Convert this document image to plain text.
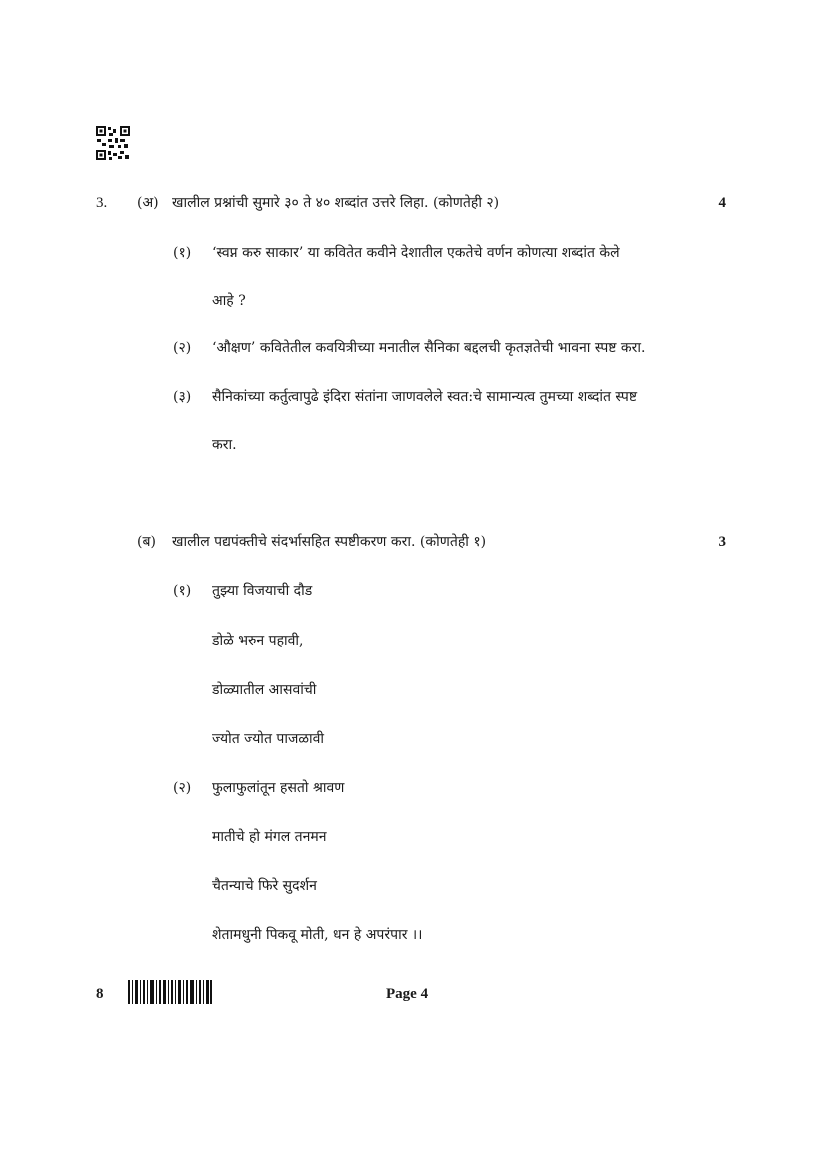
3. (अ) खालील प्रश्नांची सुमारे ३० ते ४० शब्दांत उत्तरे लिहा. (कोणतेही २)	4
(१) ‘स्वप्न करु साकार’ या कवितेत कवीने देशातील एकतेचे वर्णन कोणत्या शब्दांत केले
आहे ?
(२) ‘औक्षण’ कवितेतील कवयित्रीच्या मनातील सैनिका बद्दलची कृतज्ञतेची भावना स्पष्ट करा.
(३) सैनिकांच्या कर्तुत्वापुढे इंदिरा संतांना जाणवलेले स्वत:चे सामान्यत्व तुमच्या शब्दांत स्पष्ट
करा.
(ब) खालील पद्यपंक्तीचे संदर्भासहित स्पष्टीकरण करा. (कोणतेही १)	3
(१) तुझ्या विजयाची दौड
डोळे भरुन पहावी,
डोळ्यातील आसवांची
ज्योत ज्योत पाजळावी
(२) फुलाफुलांतून हसतो श्रावण
मातीचे हो मंगल तनमन
चैतन्याचे फिरे सुदर्शन
शेतामधुनी पिकवू मोती, धन हे अपरंपार ।।
8	Page 4
